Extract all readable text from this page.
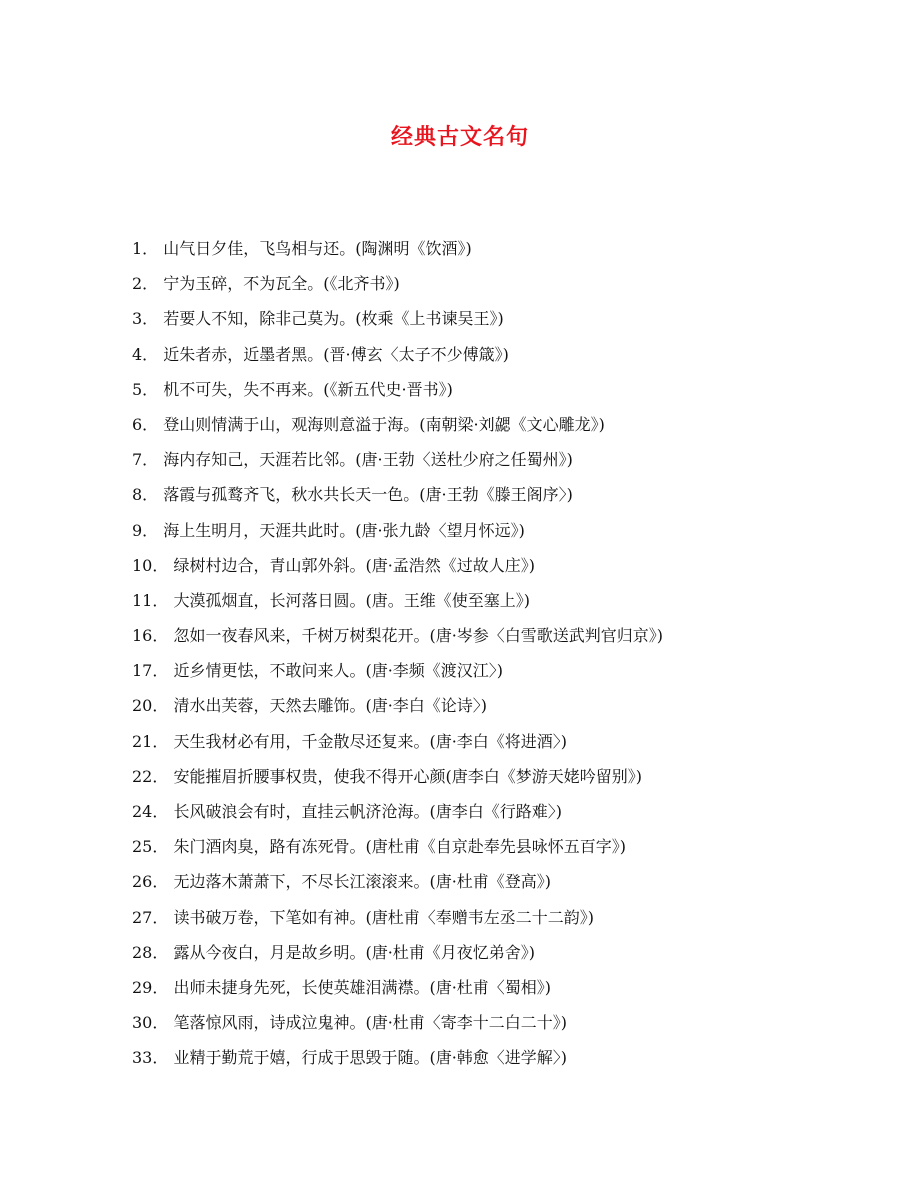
经典古文名句
1． 山气日夕佳，飞鸟相与还。(陶渊明《饮酒》)
2． 宁为玉碎，不为瓦全。(《北齐书》)
3． 若要人不知，除非己莫为。(枚乘《上书谏吴王》)
4． 近朱者赤，近墨者黑。(晋·傅玄〈太子不少傅箴》)
5． 机不可失，失不再来。(《新五代史·晋书》)
6． 登山则情满于山，观海则意溢于海。(南朝梁·刘勰《文心雕龙》)
7． 海内存知己，天涯若比邻。(唐·王勃〈送杜少府之任蜀州》)
8． 落霞与孤鹜齐飞，秋水共长天一色。(唐·王勃《滕王阁序〉)
9． 海上生明月，天涯共此时。(唐·张九龄〈望月怀远》)
10． 绿树村边合，青山郭外斜。(唐·孟浩然《过故人庄》)
11． 大漠孤烟直，长河落日圆。(唐。王维《使至塞上》)
16． 忽如一夜春风来，千树万树梨花开。(唐·岑参〈白雪歌送武判官归京》)
17． 近乡情更怯，不敢问来人。(唐·李频《渡汉江〉)
20． 清水出芙蓉，天然去雕饰。(唐·李白《论诗〉)
21． 天生我材必有用，千金散尽还复来。(唐·李白《将进酒〉)
22． 安能摧眉折腰事权贵，使我不得开心颜(唐李白《梦游天姥吟留别》)
24． 长风破浪会有时，直挂云帆济沧海。(唐李白《行路难〉)
25． 朱门酒肉臭，路有冻死骨。(唐杜甫《自京赴奉先县咏怀五百字》)
26． 无边落木萧萧下，不尽长江滚滚来。(唐·杜甫《登高》)
27． 读书破万卷，下笔如有神。(唐杜甫〈奉赠韦左丞二十二韵》)
28． 露从今夜白，月是故乡明。(唐·杜甫《月夜忆弟舍》)
29． 出师未捷身先死，长使英雄泪满襟。(唐·杜甫〈蜀相》)
30． 笔落惊风雨，诗成泣鬼神。(唐·杜甫〈寄李十二白二十》)
33． 业精于勤荒于嬉，行成于思毁于随。(唐·韩愈〈进学解〉)
